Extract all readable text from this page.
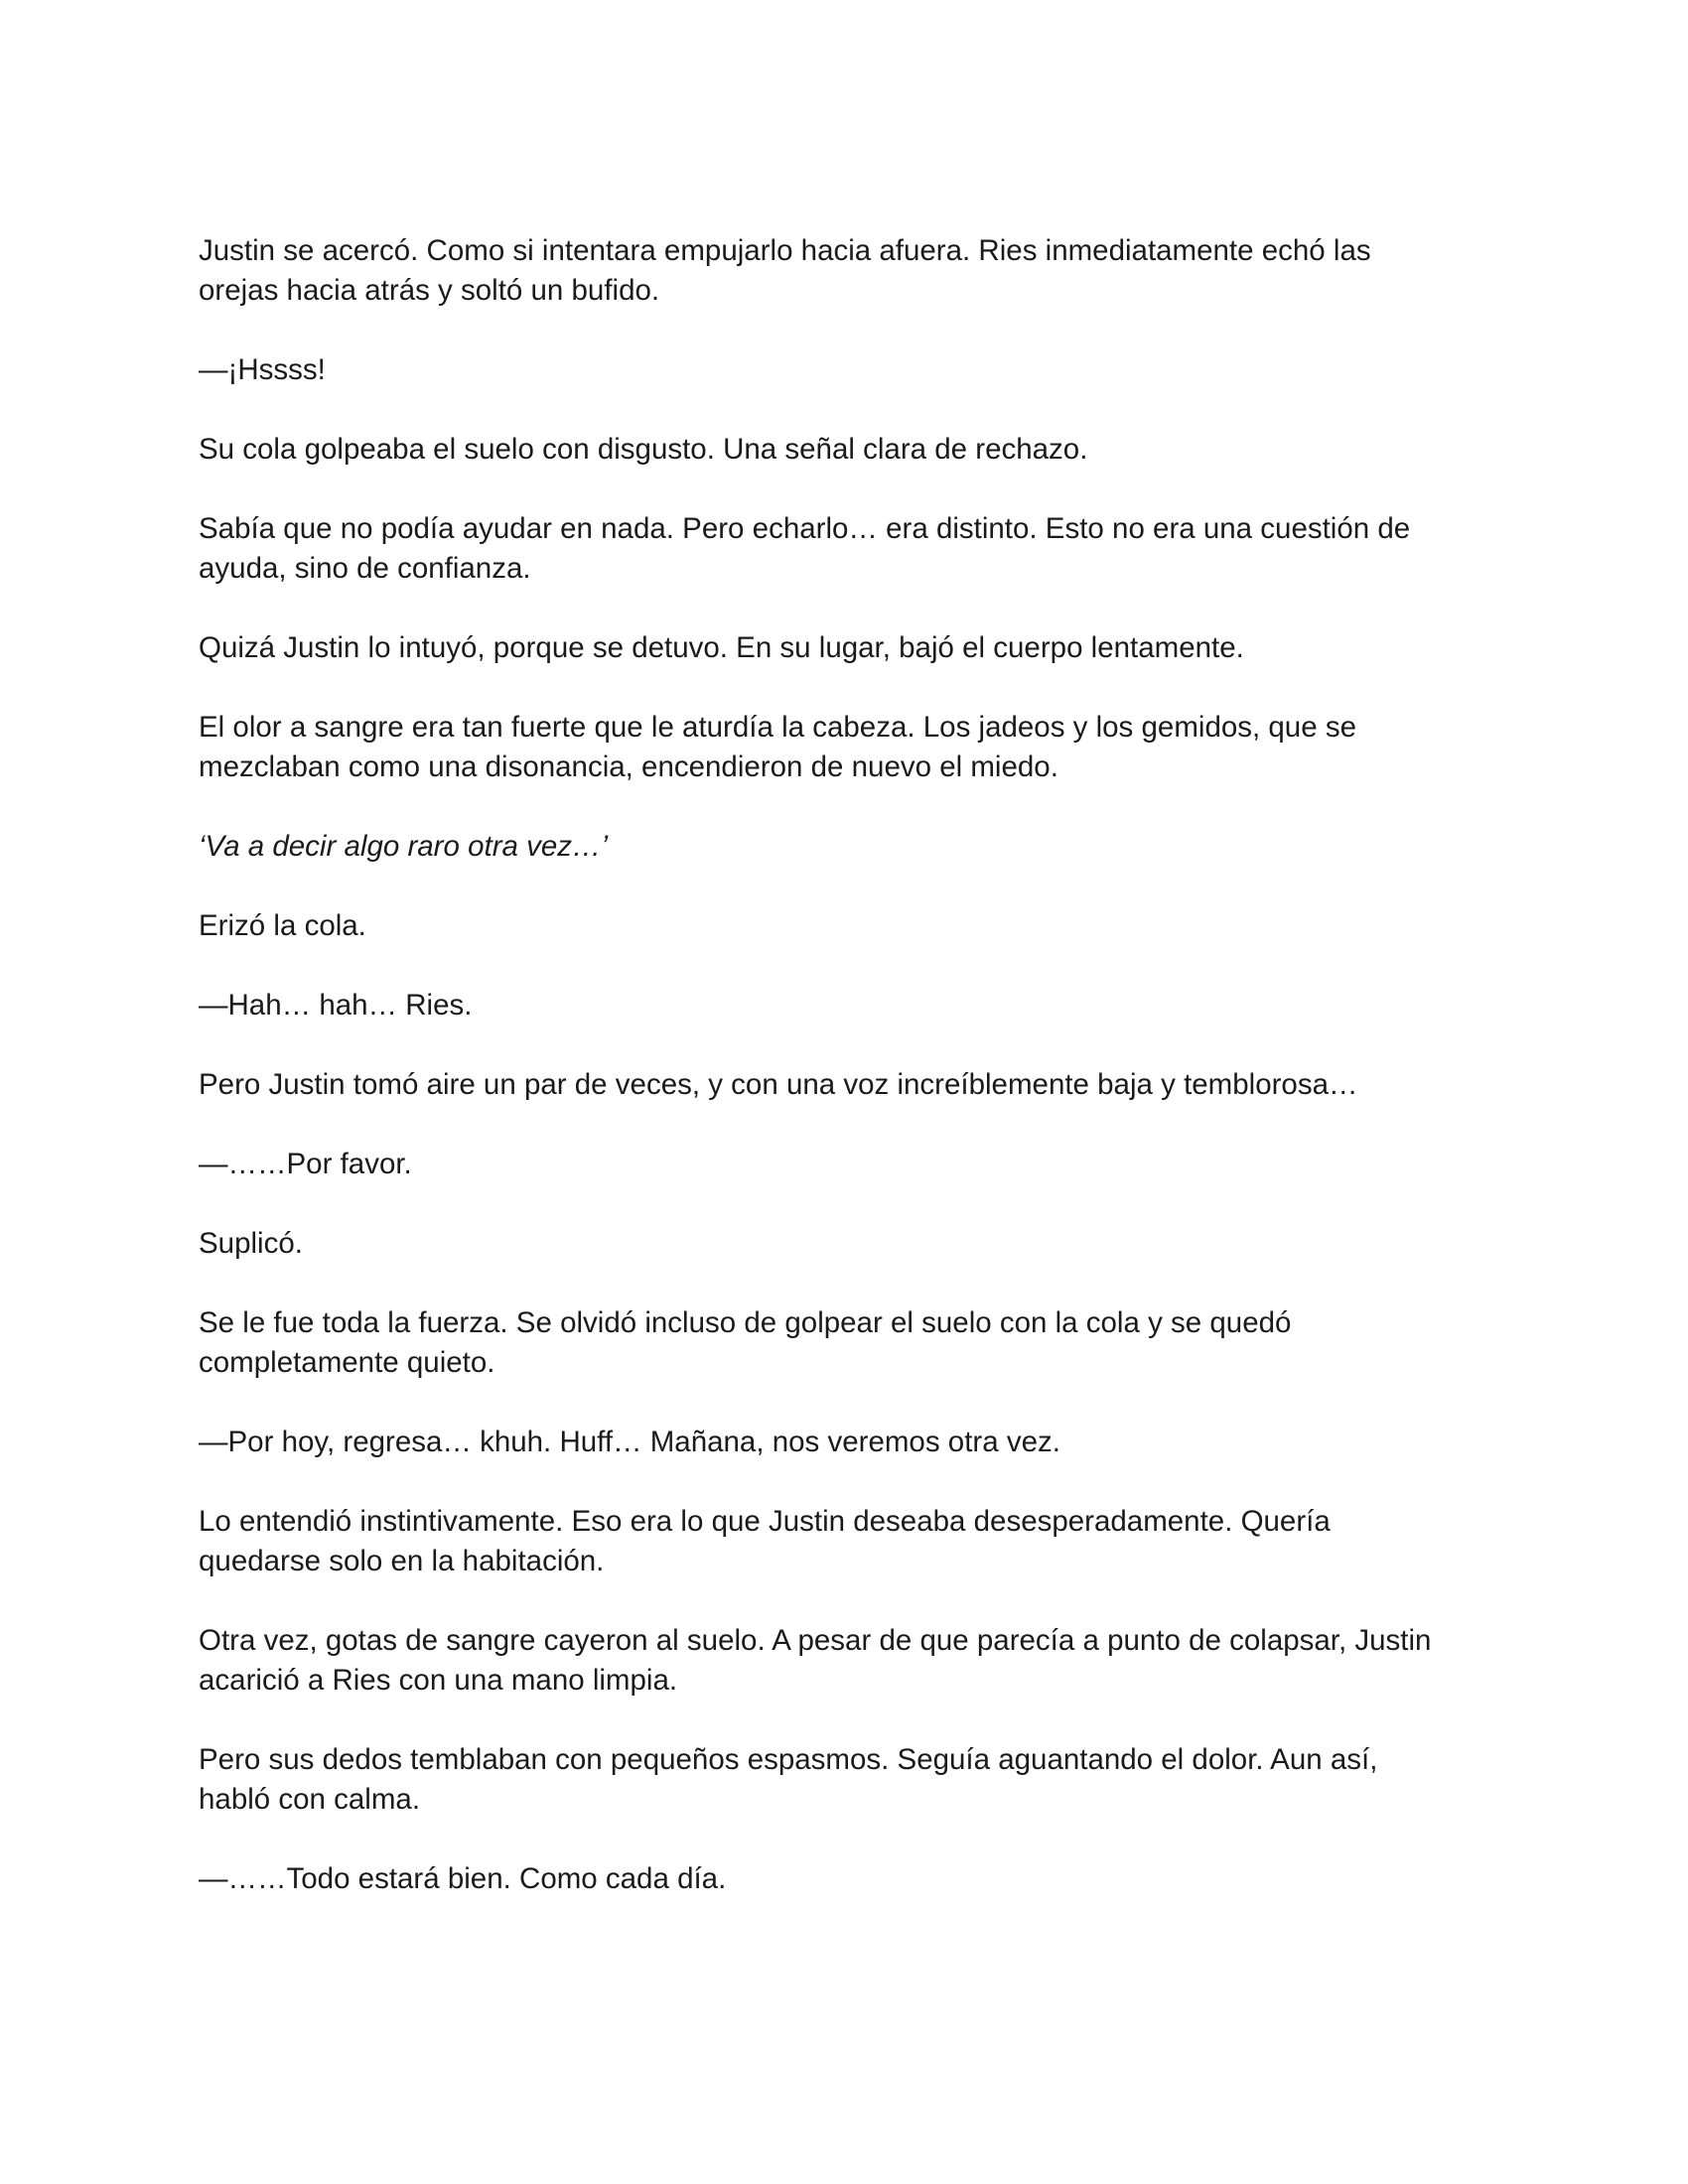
Justin se acercó. Como si intentara empujarlo hacia afuera. Ries inmediatamente echó las
orejas hacia atrás y soltó un bufido.

—¡Hssss!

Su cola golpeaba el suelo con disgusto. Una señal clara de rechazo.

Sabía que no podía ayudar en nada. Pero echarlo… era distinto. Esto no era una cuestión de
ayuda, sino de confianza.

Quizá Justin lo intuyó, porque se detuvo. En su lugar, bajó el cuerpo lentamente.

El olor a sangre era tan fuerte que le aturdía la cabeza. Los jadeos y los gemidos, que se
mezclaban como una disonancia, encendieron de nuevo el miedo.

‘Va a decir algo raro otra vez…’

Erizó la cola.

—Hah… hah… Ries.

Pero Justin tomó aire un par de veces, y con una voz increíblemente baja y temblorosa…

—……Por favor.

Suplicó.

Se le fue toda la fuerza. Se olvidó incluso de golpear el suelo con la cola y se quedó
completamente quieto.

—Por hoy, regresa… khuh. Huff… Mañana, nos veremos otra vez.

Lo entendió instintivamente. Eso era lo que Justin deseaba desesperadamente. Quería
quedarse solo en la habitación.

Otra vez, gotas de sangre cayeron al suelo. A pesar de que parecía a punto de colapsar, Justin
acarició a Ries con una mano limpia.

Pero sus dedos temblaban con pequeños espasmos. Seguía aguantando el dolor. Aun así,
habló con calma.

—……Todo estará bien. Como cada día.
